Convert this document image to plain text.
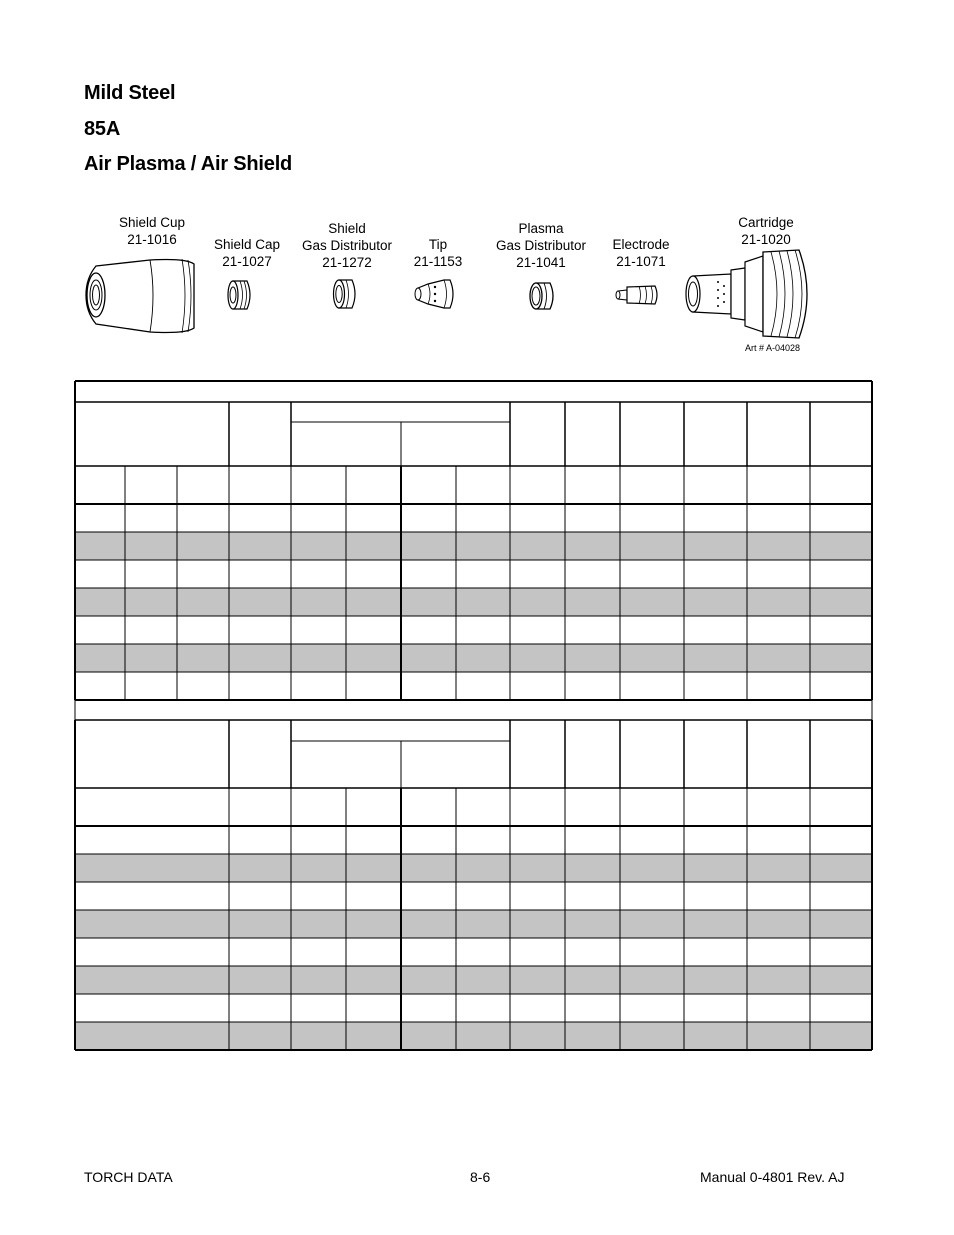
Mild Steel
85A
Air Plasma / Air Shield
Shield Cup
21-1016	Shield Cap
21-1027
Shield
Gas Distributor
21-1272
Tip
21-1153
Plasma
Gas Distributor
21-1041
Electrode
21-1071
Cartridge
21-1020
Art # A-04028
TORCH DATA	8-6	Manual 0-4801 Rev. AJ
